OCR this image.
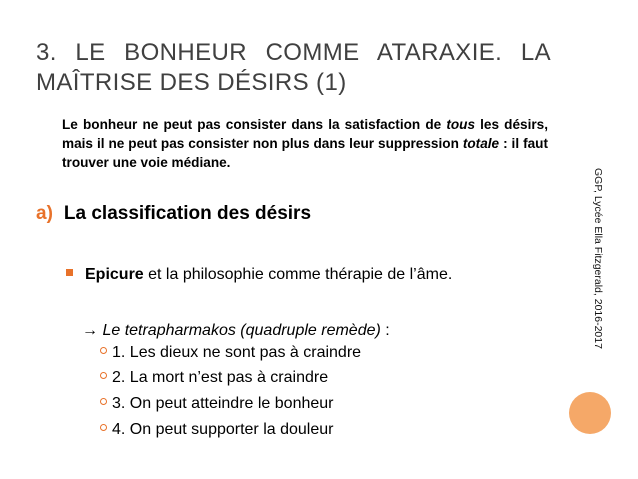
3. LE BONHEUR COMME ATARAXIE. LA MAÎTRISE DES DÉSIRS (1)

Le bonheur ne peut pas consister dans la satisfaction de tous les désirs, mais il ne peut pas consister non plus dans leur suppression totale : il faut trouver une voie médiane.

a) La classification des désirs
Epicure et la philosophie comme thérapie de l’âme.
→ Le tetrapharmakos (quadruple remède) :
1. Les dieux ne sont pas à craindre
2. La mort n’est pas à craindre
3. On peut atteindre le bonheur
4. On peut supporter la douleur
GGP, Lycée Ella Fitzgerald, 2016-2017
